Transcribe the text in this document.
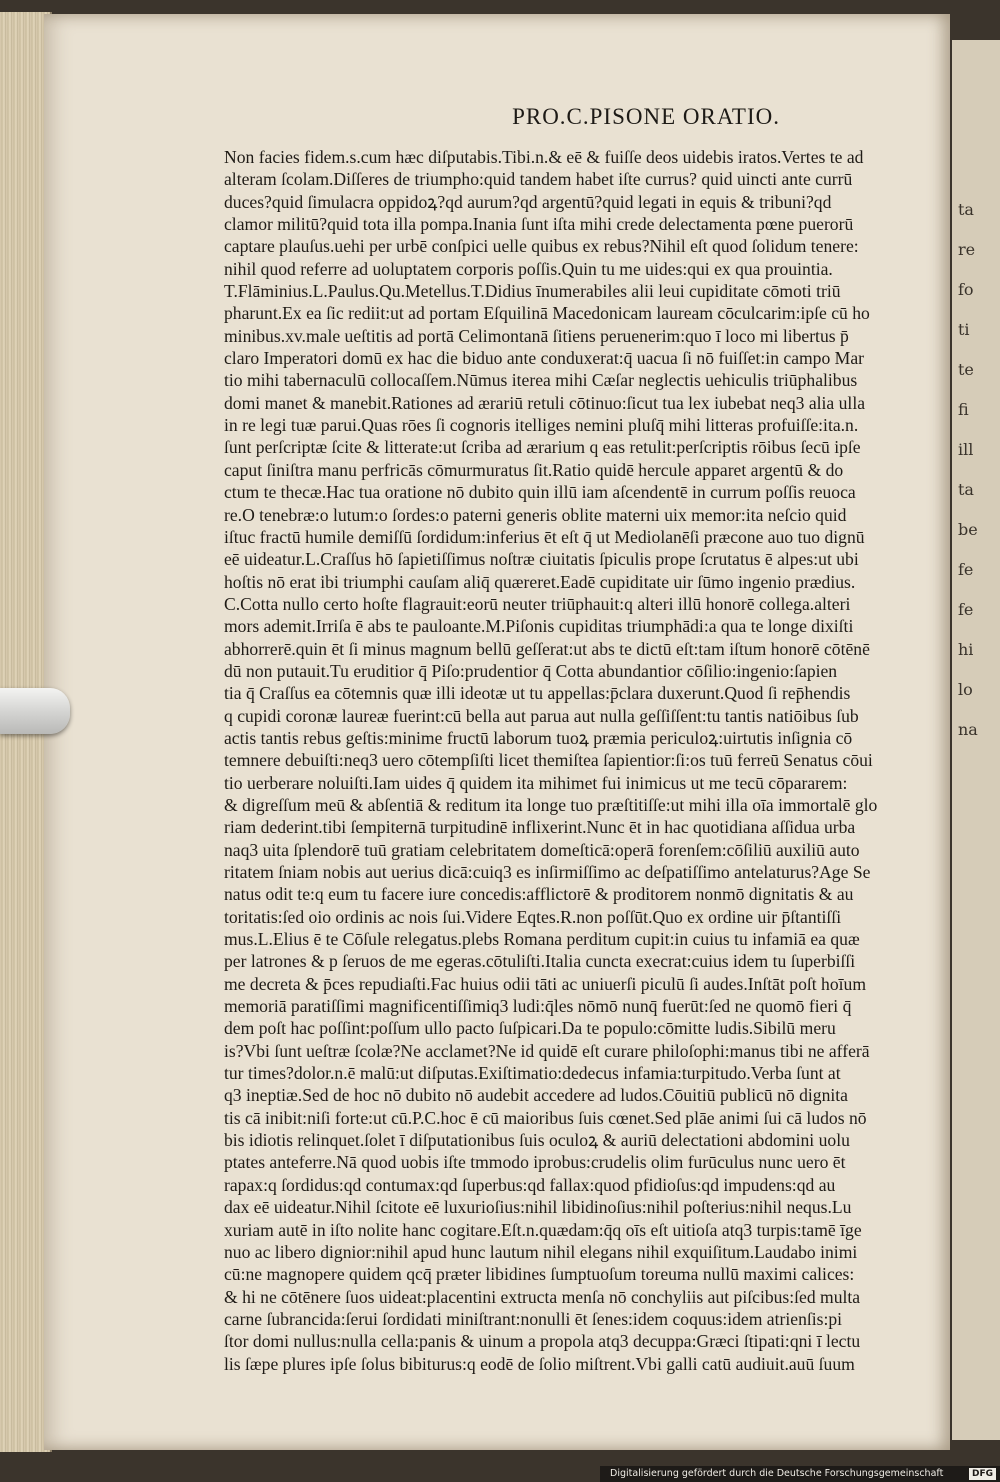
ta
re
fo
ti
te
fi
ill
ta
be
fe
fe
hi
lo
na
PRO.C.PISONE ORATIO.
Non facies fidem.s.cum hæc diſputabis.Tibi.n.& eē & fuiſſe deos uidebis iratos.Vertes te ad
alteram ſcolam.Diſſeres de triumpho:quid tandem habet iſte currus? quid uincti ante currū
duces?quid ſimulacra oppidoꝝ?qd aurum?qd argentū?quid legati in equis & tribuni?qd
clamor militū?quid tota illa pompa.Inania ſunt iſta mihi crede delectamenta pœne puerorū
captare plauſus.uehi per urbē conſpici uelle quibus ex rebus?Nihil eſt quod ſolidum tenere:
nihil quod referre ad uoluptatem corporis poſſis.Quin tu me uides:qui ex qua prouintia.
T.Flāminius.L.Paulus.Qu.Metellus.T.Didius īnumerabiles alii leui cupiditate cōmoti triū
pharunt.Ex ea ſic rediit:ut ad portam Eſquilinā Macedonicam lauream cōculcarim:ipſe cū ho
minibus.xv.male ueſtitis ad portā Celimontanā ſitiens peruenerim:quo ī loco mi libertus p̄
claro Imperatori domū ex hac die biduo ante conduxerat:q̄ uacua ſi nō fuiſſet:in campo Mar
tio mihi tabernaculū collocaſſem.Nūmus iterea mihi Cæſar neglectis uehiculis triūphalibus
domi manet & manebit.Rationes ad ærariū retuli cōtinuo:ſicut tua lex iubebat neq3 alia ulla
in re legi tuæ parui.Quas rōes ſi cognoris itelliges nemini pluſq̄ mihi litteras profuiſſe:ita.n.
ſunt perſcriptæ ſcite & litterate:ut ſcriba ad ærarium q eas retulit:perſcriptis rōibus ſecū ipſe
caput ſiniſtra manu perfricās cōmurmuratus ſit.Ratio quidē hercule apparet argentū & do
ctum te thecæ.Hac tua oratione nō dubito quin illū iam aſcendentē in currum poſſis reuoca
re.O tenebræ:o lutum:o ſordes:o paterni generis oblite materni uix memor:ita neſcio quid
iſtuc fractū humile demiſſū ſordidum:inferius ēt eſt q̄ ut Mediolanēſi præcone auo tuo dignū
eē uideatur.L.Craſſus hō ſapietiſſimus noſtræ ciuitatis ſpiculis prope ſcrutatus ē alpes:ut ubi
hoſtis nō erat ibi triumphi cauſam aliq̄ quæreret.Eadē cupiditate uir ſūmo ingenio prædius.
C.Cotta nullo certo hoſte flagrauit:eorū neuter triūphauit:q alteri illū honorē collega.alteri
mors ademit.Irriſa ē abs te pauloante.M.Piſonis cupiditas triumphādi:a qua te longe dixiſti
abhorrerē.quin ēt ſi minus magnum bellū geſſerat:ut abs te dictū eſt:tam iſtum honorē cōtēnē
dū non putauit.Tu eruditior q̄ Piſo:prudentior q̄ Cotta abundantior cōſilio:ingenio:ſapien
tia q̄ Craſſus ea cōtemnis quæ illi ideotæ ut tu appellas:p̄clara duxerunt.Quod ſi rep̄hendis
q cupidi coronæ laureæ fuerint:cū bella aut parua aut nulla geſſiſſent:tu tantis natiōibus ſub
actis tantis rebus geſtis:minime fructū laborum tuoꝝ præmia periculoꝝ:uirtutis inſignia cō
temnere debuiſti:neq3 uero cōtempſiſti licet themiſtea ſapientior:ſi:os tuū ferreū Senatus cōui
tio uerberare noluiſti.Iam uides q̄ quidem ita mihimet fui inimicus ut me tecū cōpararem:
& digreſſum meū & abſentiā & reditum ita longe tuo præſtitiſſe:ut mihi illa oīa immortalē glo
riam dederint.tibi ſempiternā turpitudinē inflixerint.Nunc ēt in hac quotidiana aſſidua urba
naq3 uita ſplendorē tuū gratiam celebritatem domeſticā:operā forenſem:cōſiliū auxiliū auto
ritatem ſniam nobis aut uerius dicā:cuiq3 es inſirmiſſimo ac deſpatiſſimo antelaturus?Age Se
natus odit te:q eum tu facere iure concedis:afflictorē & proditorem nonmō dignitatis & au
toritatis:ſed oio ordinis ac nois ſui.Videre Eqtes.R.non poſſūt.Quo ex ordine uir p̄ſtantiſſi
mus.L.Elius ē te Cōſule relegatus.plebs Romana perditum cupit:in cuius tu infamiā ea quæ
per latrones & p ſeruos de me egeras.cōtuliſti.Italia cuncta execrat:cuius idem tu ſuperbiſſi
me decreta & p̄ces repudiaſti.Fac huius odii tāti ac uniuerſi piculū ſi audes.Inſtāt poſt hoīum
memoriā paratiſſimi magnificentiſſimiq3 ludi:q̄les nōmō nunq̄ fuerūt:ſed ne quomō fieri q̄
dem poſt hac poſſint:poſſum ullo pacto ſuſpicari.Da te populo:cōmitte ludis.Sibilū meru
is?Vbi ſunt ueſtræ ſcolæ?Ne acclamet?Ne id quidē eſt curare philoſophi:manus tibi ne afferā
tur times?dolor.n.ē malū:ut diſputas.Exiſtimatio:dedecus infamia:turpitudo.Verba ſunt at
q3 ineptiæ.Sed de hoc nō dubito nō audebit accedere ad ludos.Cōuitiū publicū nō dignita
tis cā inibit:niſi forte:ut cū.P.C.hoc ē cū maioribus ſuis cœnet.Sed plāe animi ſui cā ludos nō
bis idiotis relinquet.ſolet ī diſputationibus ſuis oculoꝝ & auriū delectationi abdomini uolu
ptates anteferre.Nā quod uobis iſte tmmodo iprobus:crudelis olim furūculus nunc uero ēt
rapax:q ſordidus:qd contumax:qd ſuperbus:qd fallax:quod pfidioſus:qd impudens:qd au
dax eē uideatur.Nihil ſcitote eē luxurioſius:nihil libidinoſius:nihil poſterius:nihil nequs.Lu
xuriam autē in iſto nolite hanc cogitare.Eſt.n.quædam:q̄q oīs eſt uitioſa atq3 turpis:tamē īge
nuo ac libero dignior:nihil apud hunc lautum nihil elegans nihil exquiſitum.Laudabo inimi
cū:ne magnopere quidem qcq̄ præter libidines ſumptuoſum toreuma nullū maximi calices:
& hi ne cōtēnere ſuos uideat:placentini extructa menſa nō conchyliis aut piſcibus:ſed multa
carne ſubrancida:ſerui ſordidati miniſtrant:nonulli ēt ſenes:idem coquus:idem atrienſis:pi
ſtor domi nullus:nulla cella:panis & uinum a propola atq3 decuppa:Græci ſtipati:qni ī lectu
lis ſæpe plures ipſe ſolus bibiturus:q eodē de ſolio miſtrent.Vbi galli catū audiuit.auū ſuum
Digitalisierung gefördert durch die Deutsche Forschungsgemeinschaft	DFG
